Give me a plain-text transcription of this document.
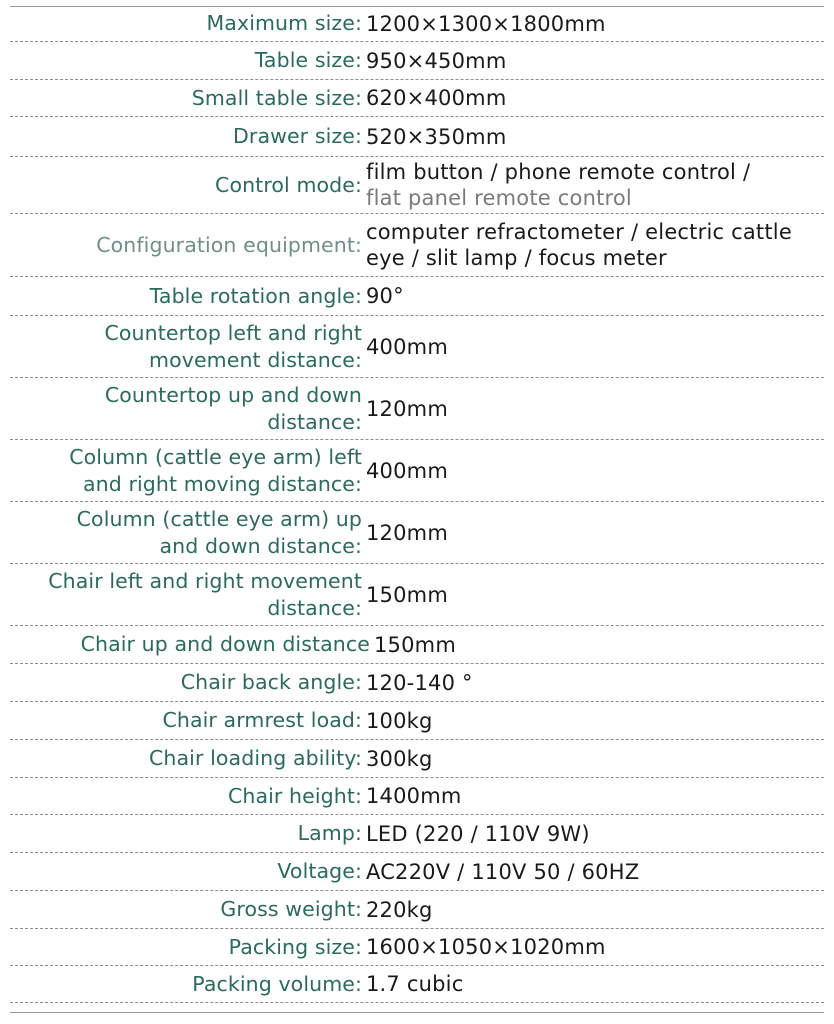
Maximum size: 1200×1300×1800mm
Table size: 950×450mm
Small table size: 620×400mm
Drawer size: 520×350mm
Control mode:
film button / phone remote control /
flat panel remote control
Configuration equipment:
computer refractometer / electric cattle
eye / slit lamp / focus meter
Table rotation angle: 90°
Countertop left and right
movement distance:
400mm
Countertop up and down
distance:
120mm
Column (cattle eye arm) left
and right moving distance:
400mm
Column (cattle eye arm) up
and down distance:
120mm
Chair left and right movement
distance:
150mm
Chair up and down distance 150mm
Chair back angle: 120-140 °
Chair armrest load: 100kg
Chair loading ability: 300kg
Chair height: 1400mm
Lamp: LED (220 / 110V 9W)
Voltage: AC220V / 110V 50 / 60HZ
Gross weight: 220kg
Packing size: 1600×1050×1020mm
Packing volume: 1.7 cubic
